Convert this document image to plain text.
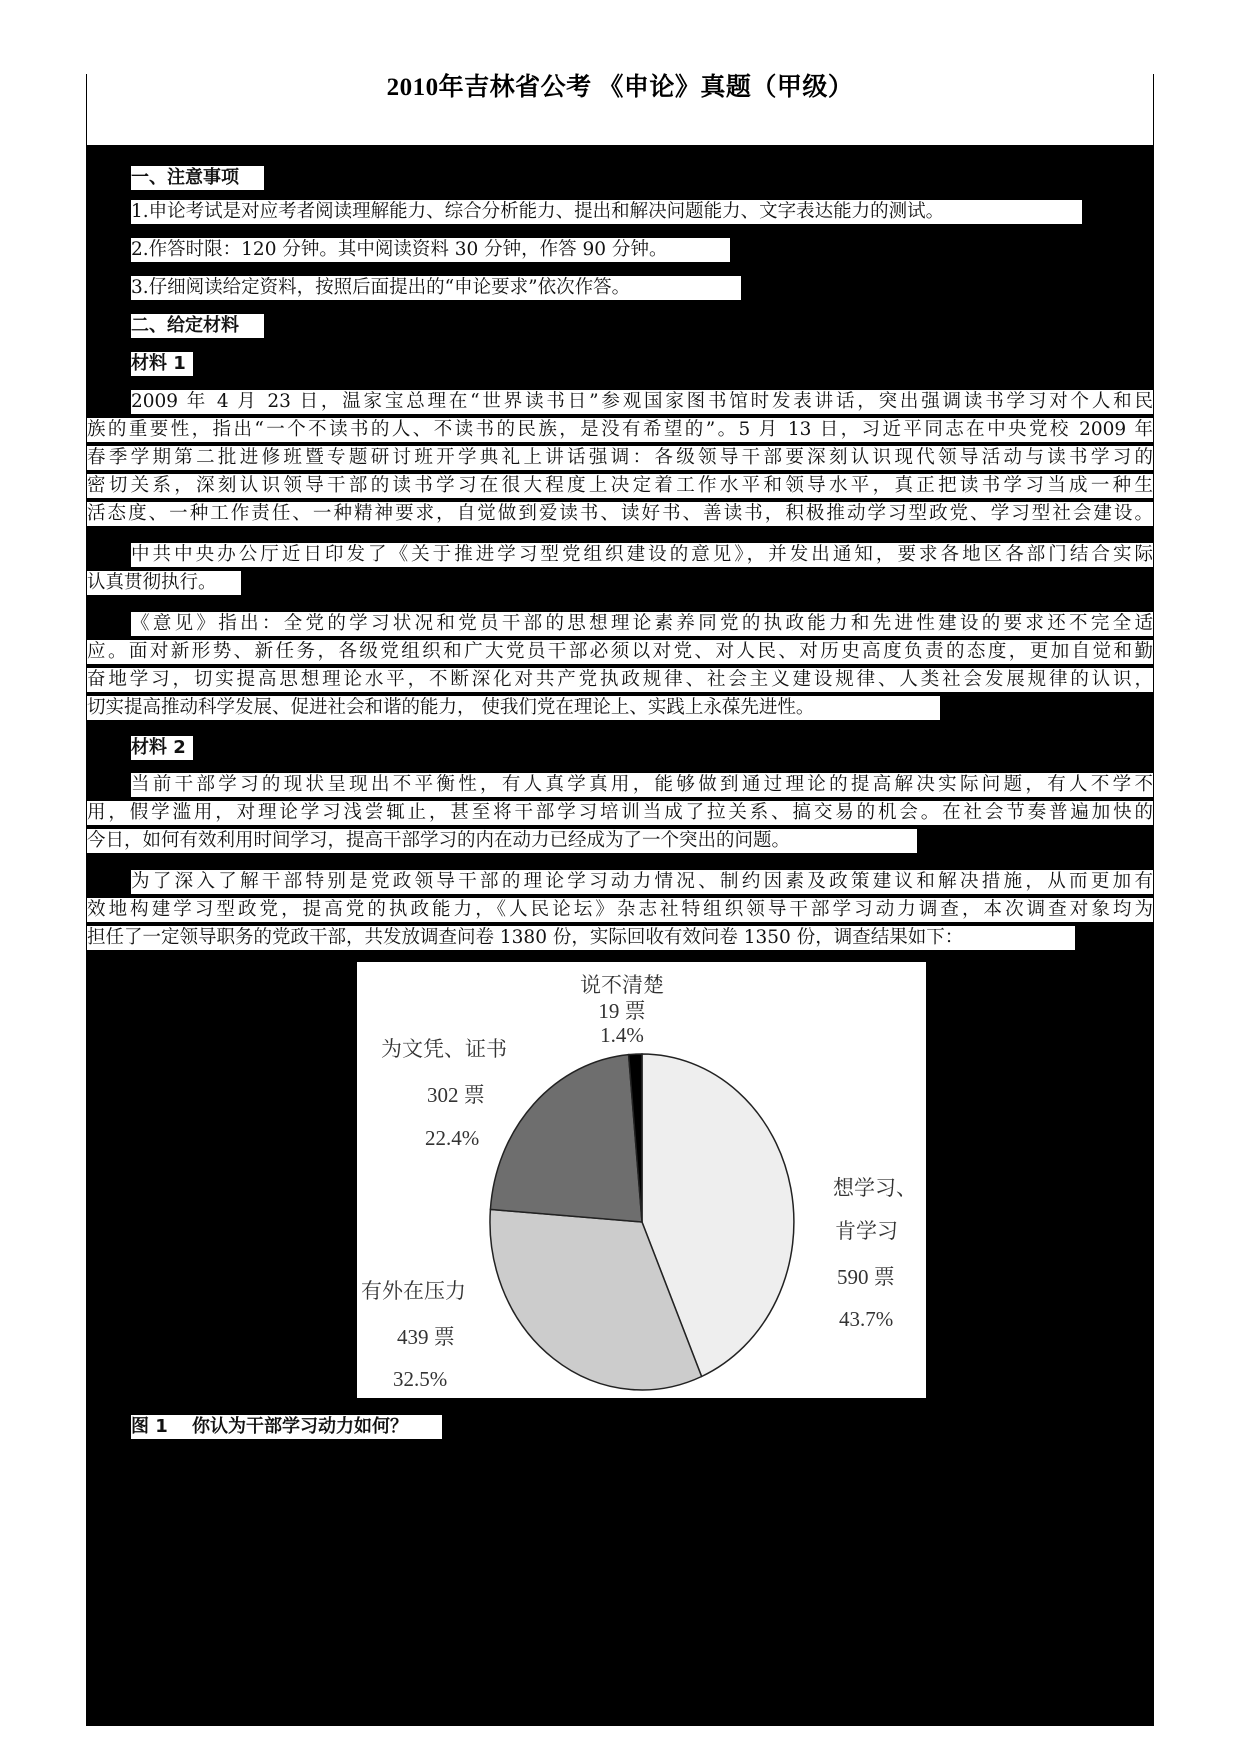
2010年吉林省公考 《申论》真题（甲级）
一、注意事项
1.申论考试是对应考者阅读理解能力、综合分析能力、提出和解决问题能力、文字表达能力的测试。
2.作答时限：120 分钟。其中阅读资料 30 分钟，作答 90 分钟。
3.仔细阅读给定资料，按照后面提出的“申论要求”依次作答。
二、给定材料
材料 1
2009 年 4 月 23 日，温家宝总理在“世界读书日”参观国家图书馆时发表讲话，突出强调读书学习对个人和民
族的重要性，指出“一个不读书的人、不读书的民族，是没有希望的”。5 月 13 日，习近平同志在中央党校 2009 年
春季学期第二批进修班暨专题研讨班开学典礼上讲话强调：各级领导干部要深刻认识现代领导活动与读书学习的
密切关系，深刻认识领导干部的读书学习在很大程度上决定着工作水平和领导水平，真正把读书学习当成一种生
活态度、一种工作责任、一种精神要求，自觉做到爱读书、读好书、善读书，积极推动学习型政党、学习型社会建设。
中共中央办公厅近日印发了《关于推进学习型党组织建设的意见》，并发出通知，要求各地区各部门结合实际
认真贯彻执行。
《意见》指出：全党的学习状况和党员干部的思想理论素养同党的执政能力和先进性建设的要求还不完全适
应。面对新形势、新任务，各级党组织和广大党员干部必须以对党、对人民、对历史高度负责的态度，更加自觉和勤
奋地学习，切实提高思想理论水平，不断深化对共产党执政规律、社会主义建设规律、人类社会发展规律的认识，
切实提高推动科学发展、促进社会和谐的能力， 使我们党在理论上、实践上永葆先进性。
材料 2
当前干部学习的现状呈现出不平衡性，有人真学真用，能够做到通过理论的提高解决实际问题，有人不学不
用，假学滥用，对理论学习浅尝辄止，甚至将干部学习培训当成了拉关系、搞交易的机会。在社会节奏普遍加快的
今日，如何有效利用时间学习，提高干部学习的内在动力已经成为了一个突出的问题。
为了深入了解干部特别是党政领导干部的理论学习动力情况、制约因素及政策建议和解决措施，从而更加有
效地构建学习型政党，提高党的执政能力，《人民论坛》杂志社特组织领导干部学习动力调查，本次调查对象均为
担任了一定领导职务的党政干部，共发放调查问卷 1380 份，实际回收有效问卷 1350 份，调查结果如下：
说不清楚
19 票
1.4%
为文凭、证书
302 票
22.4%
想学习、
肯学习
590 票
43.7%
有外在压力
439 票
32.5%
图 1　 你认为干部学习动力如何？
